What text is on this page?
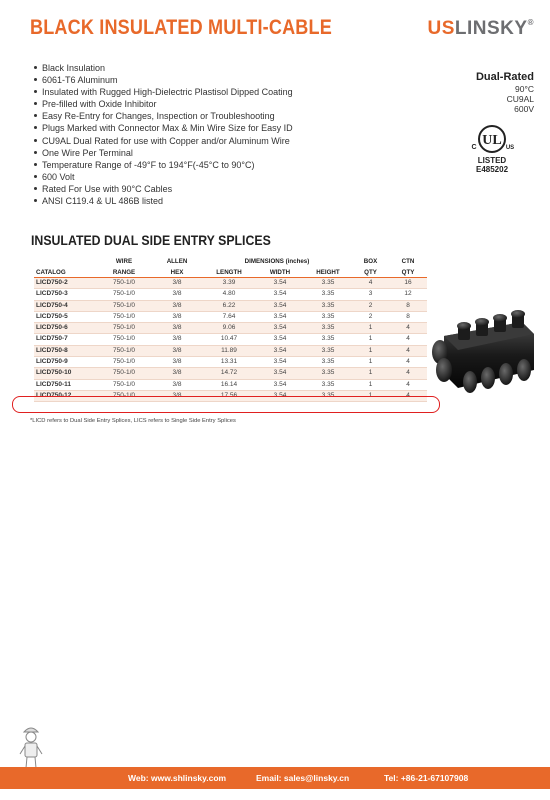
BLACK INSULATED MULTI-CABLE	USLINSKY®
Black Insulation
6061-T6 Aluminum
Insulated with Rugged High-Dielectric Plastisol Dipped Coating
Pre-filled with Oxide Inhibitor
Easy Re-Entry for Changes, Inspection or Troubleshooting
Plugs Marked with Connector Max & Min Wire Size for Easy ID
CU9AL Dual Rated for use with Copper and/or Aluminum Wire
One Wire Per Terminal
Temperature Range of -49°F to 194°F(-45°C to 90°C)
600 Volt
Rated For Use with 90°C Cables
ANSI C119.4 & UL 486B listed
Dual-Rated
90°C
CU9AL
600V
UL
C	US
LISTED
E485202
INSULATED DUAL SIDE ENTRY SPLICES
	WIRE	ALLEN	DIMENSIONS (inches)			BOX	CTN
CATALOG	RANGE	HEX	LENGTH	WIDTH	HEIGHT	QTY	QTY
LICD750-2	750-1/0	3/8	3.39	3.54	3.35	4	16
LICD750-3	750-1/0	3/8	4.80	3.54	3.35	3	12
LICD750-4	750-1/0	3/8	6.22	3.54	3.35	2	8
LICD750-5	750-1/0	3/8	7.64	3.54	3.35	2	8
LICD750-6	750-1/0	3/8	9.06	3.54	3.35	1	4
LICD750-7	750-1/0	3/8	10.47	3.54	3.35	1	4
LICD750-8	750-1/0	3/8	11.89	3.54	3.35	1	4
LICD750-9	750-1/0	3/8	13.31	3.54	3.35	1	4
LICD750-10	750-1/0	3/8	14.72	3.54	3.35	1	4
LICD750-11	750-1/0	3/8	16.14	3.54	3.35	1	4
LICD750-12	750-1/0	3/8	17.56	3.54	3.35	1	4
*LICD refers to Dual Side Entry Splices, LICS refers to Single Side Entry Splices
Web: www.shlinsky.com	Email: sales@linsky.cn	Tel: +86-21-67107908
